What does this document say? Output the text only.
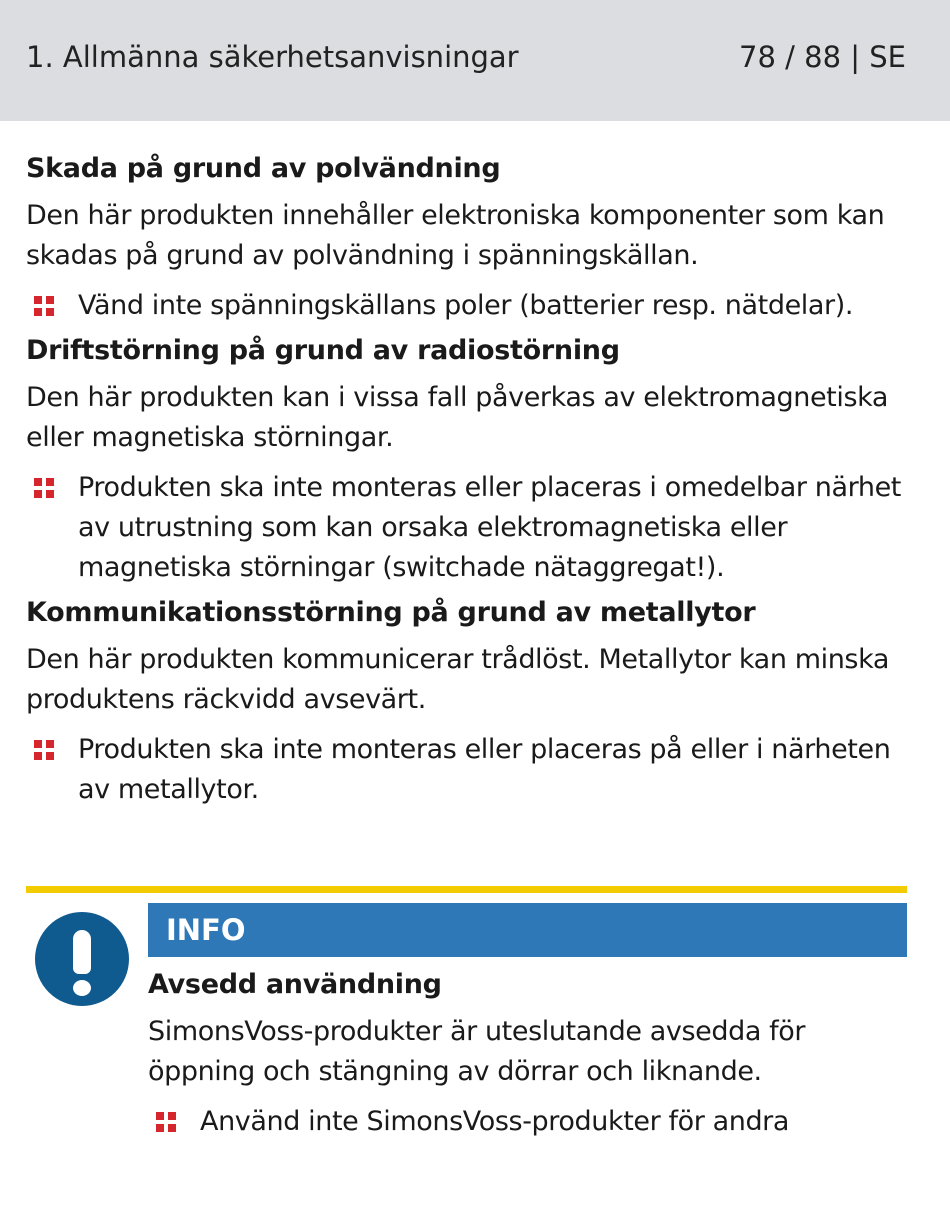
1. Allmänna säkerhetsanvisningar	78 / 88 | SE
Skada på grund av polvändning
Den här produkten innehåller elektroniska komponenter som kan skadas på grund av polvändning i spänningskällan.
Vänd inte spänningskällans poler (batterier resp. nätdelar).
Driftstörning på grund av radiostörning
Den här produkten kan i vissa fall påverkas av elektromagnetiska eller magnetiska störningar.
Produkten ska inte monteras eller placeras i omedelbar närhet av utrustning som kan orsaka elektromagnetiska eller magnetiska störningar (switchade nätaggregat!).
Kommunikationsstörning på grund av metallytor
Den här produkten kommunicerar trådlöst. Metallytor kan minska produktens räckvidd avsevärt.
Produkten ska inte monteras eller placeras på eller i närheten av metallytor.
INFO
Avsedd användning
SimonsVoss-produkter är uteslutande avsedda för öppning och stängning av dörrar och liknande.
Använd inte SimonsVoss-produkter för andra
